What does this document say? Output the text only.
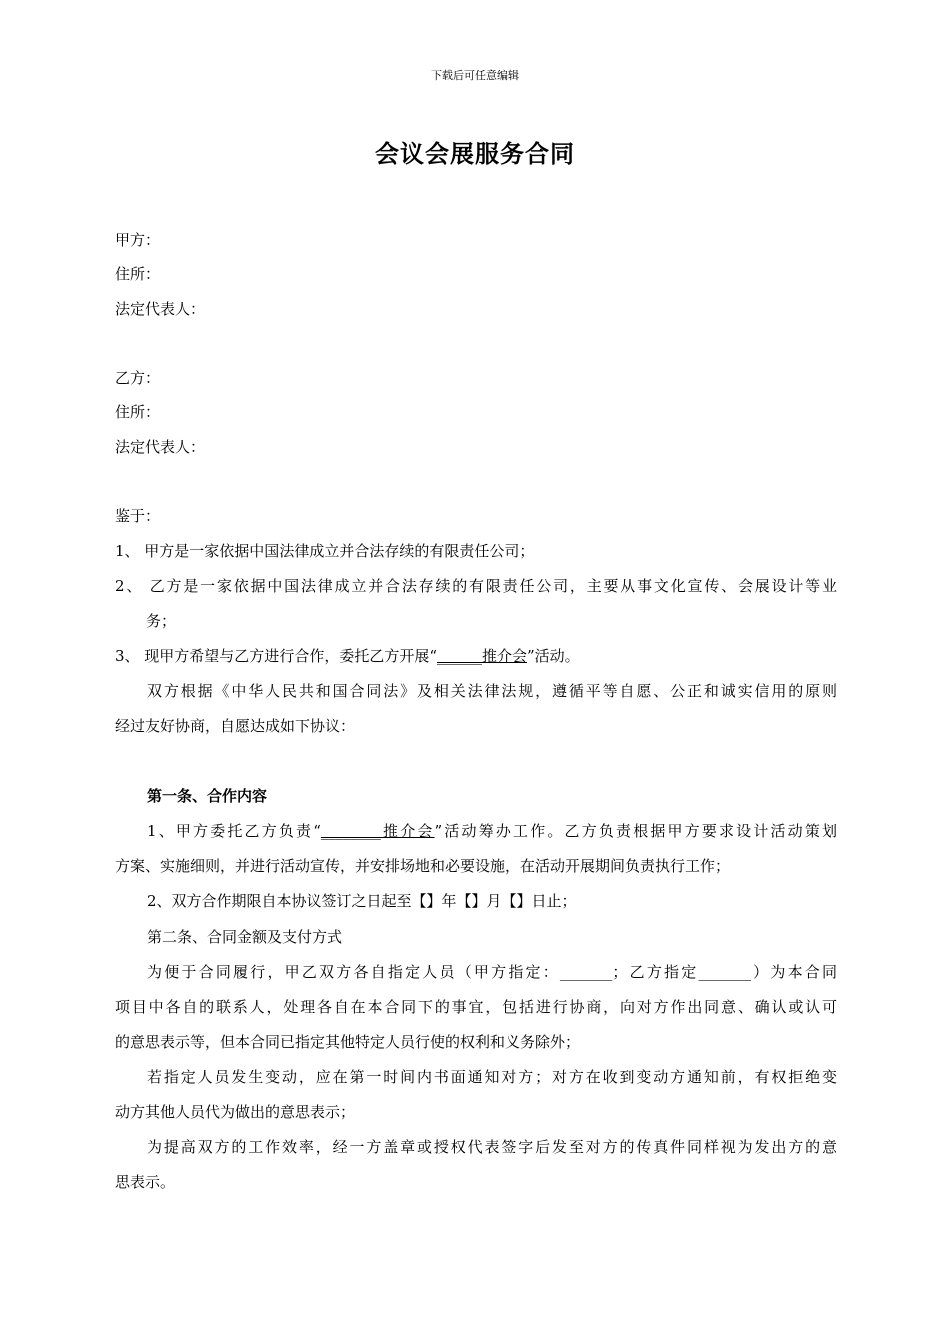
下载后可任意编辑
会议会展服务合同
甲方：
住所：
法定代表人：
乙方：
住所：
法定代表人：
鉴于：
1、 甲方是一家依据中国法律成立并合法存续的有限责任公司；
2、 乙方是一家依据中国法律成立并合法存续的有限责任公司，主要从事文化宣传、会展设计等业
务；
3、 现甲方希望与乙方进行合作，委托乙方开展“______推介会”活动。
双方根据《中华人民共和国合同法》及相关法律法规，遵循平等自愿、公正和诚实信用的原则
经过友好协商，自愿达成如下协议：
第一条、合作内容
1、甲方委托乙方负责“________推介会”活动筹办工作。乙方负责根据甲方要求设计活动策划
方案、实施细则，并进行活动宣传，并安排场地和必要设施，在活动开展期间负责执行工作；
2、双方合作期限自本协议签订之日起至【】年【】月【】日止；
第二条、合同金额及支付方式
为便于合同履行，甲乙双方各自指定人员（甲方指定：_______；乙方指定_______）为本合同
项目中各自的联系人，处理各自在本合同下的事宜，包括进行协商，向对方作出同意、确认或认可
的意思表示等，但本合同已指定其他特定人员行使的权利和义务除外；
若指定人员发生变动，应在第一时间内书面通知对方；对方在收到变动方通知前，有权拒绝变
动方其他人员代为做出的意思表示；
为提高双方的工作效率，经一方盖章或授权代表签字后发至对方的传真件同样视为发出方的意
思表示。
